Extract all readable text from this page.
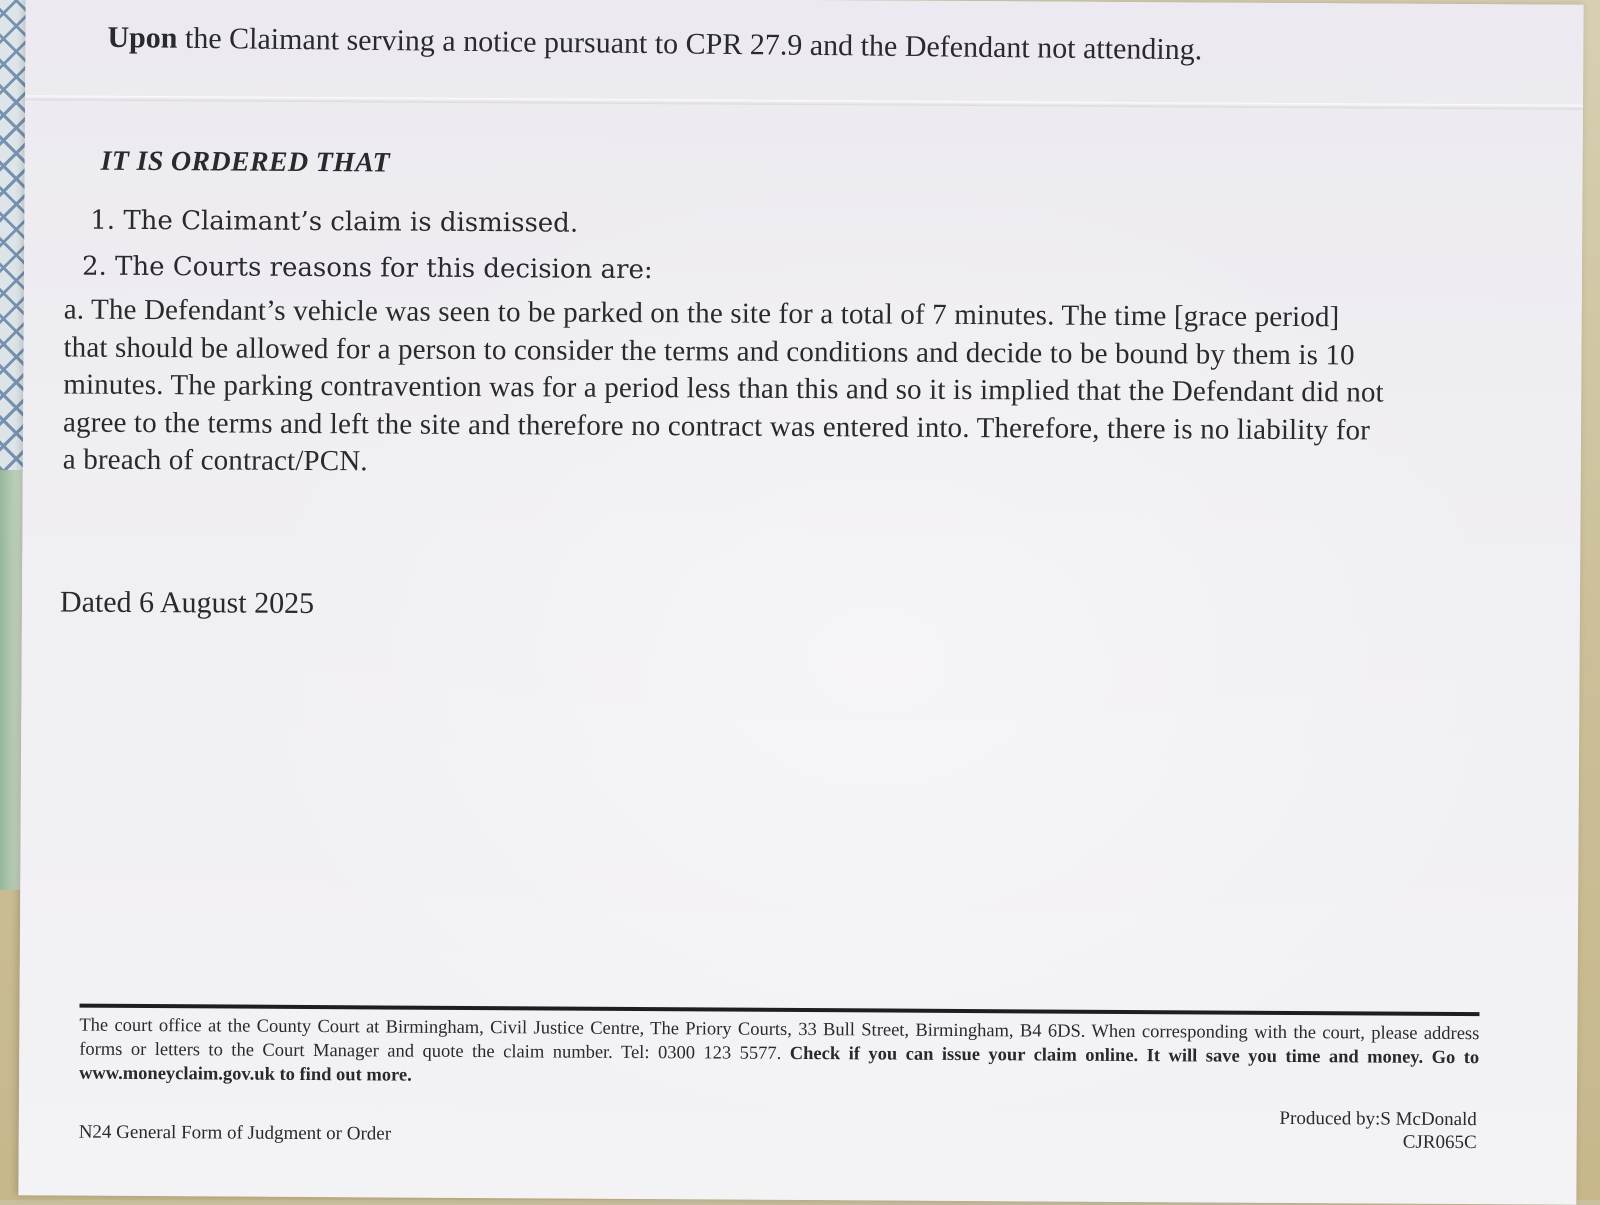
Upon the Claimant serving a notice pursuant to CPR 27.9 and the Defendant not attending.
IT IS ORDERED THAT
1. The Claimant’s claim is dismissed.
2. The Courts reasons for this decision are:
a. The Defendant’s vehicle was seen to be parked on the site for a total of 7 minutes. The time [grace period]
that should be allowed for a person to consider the terms and conditions and decide to be bound by them is 10
minutes. The parking contravention was for a period less than this and so it is implied that the Defendant did not
agree to the terms and left the site and therefore no contract was entered into. Therefore, there is no liability for
a breach of contract/PCN.
Dated 6 August 2025
The court office at the County Court at Birmingham, Civil Justice Centre, The Priory Courts, 33 Bull Street, Birmingham, B4 6DS. When corresponding with the court, please address forms or letters to the Court Manager and quote the claim number. Tel: 0300 123 5577. Check if you can issue your claim online. It will save you time and money. Go to www.moneyclaim.gov.uk to find out more.
N24 General Form of Judgment or Order
Produced by:S McDonald
CJR065C
